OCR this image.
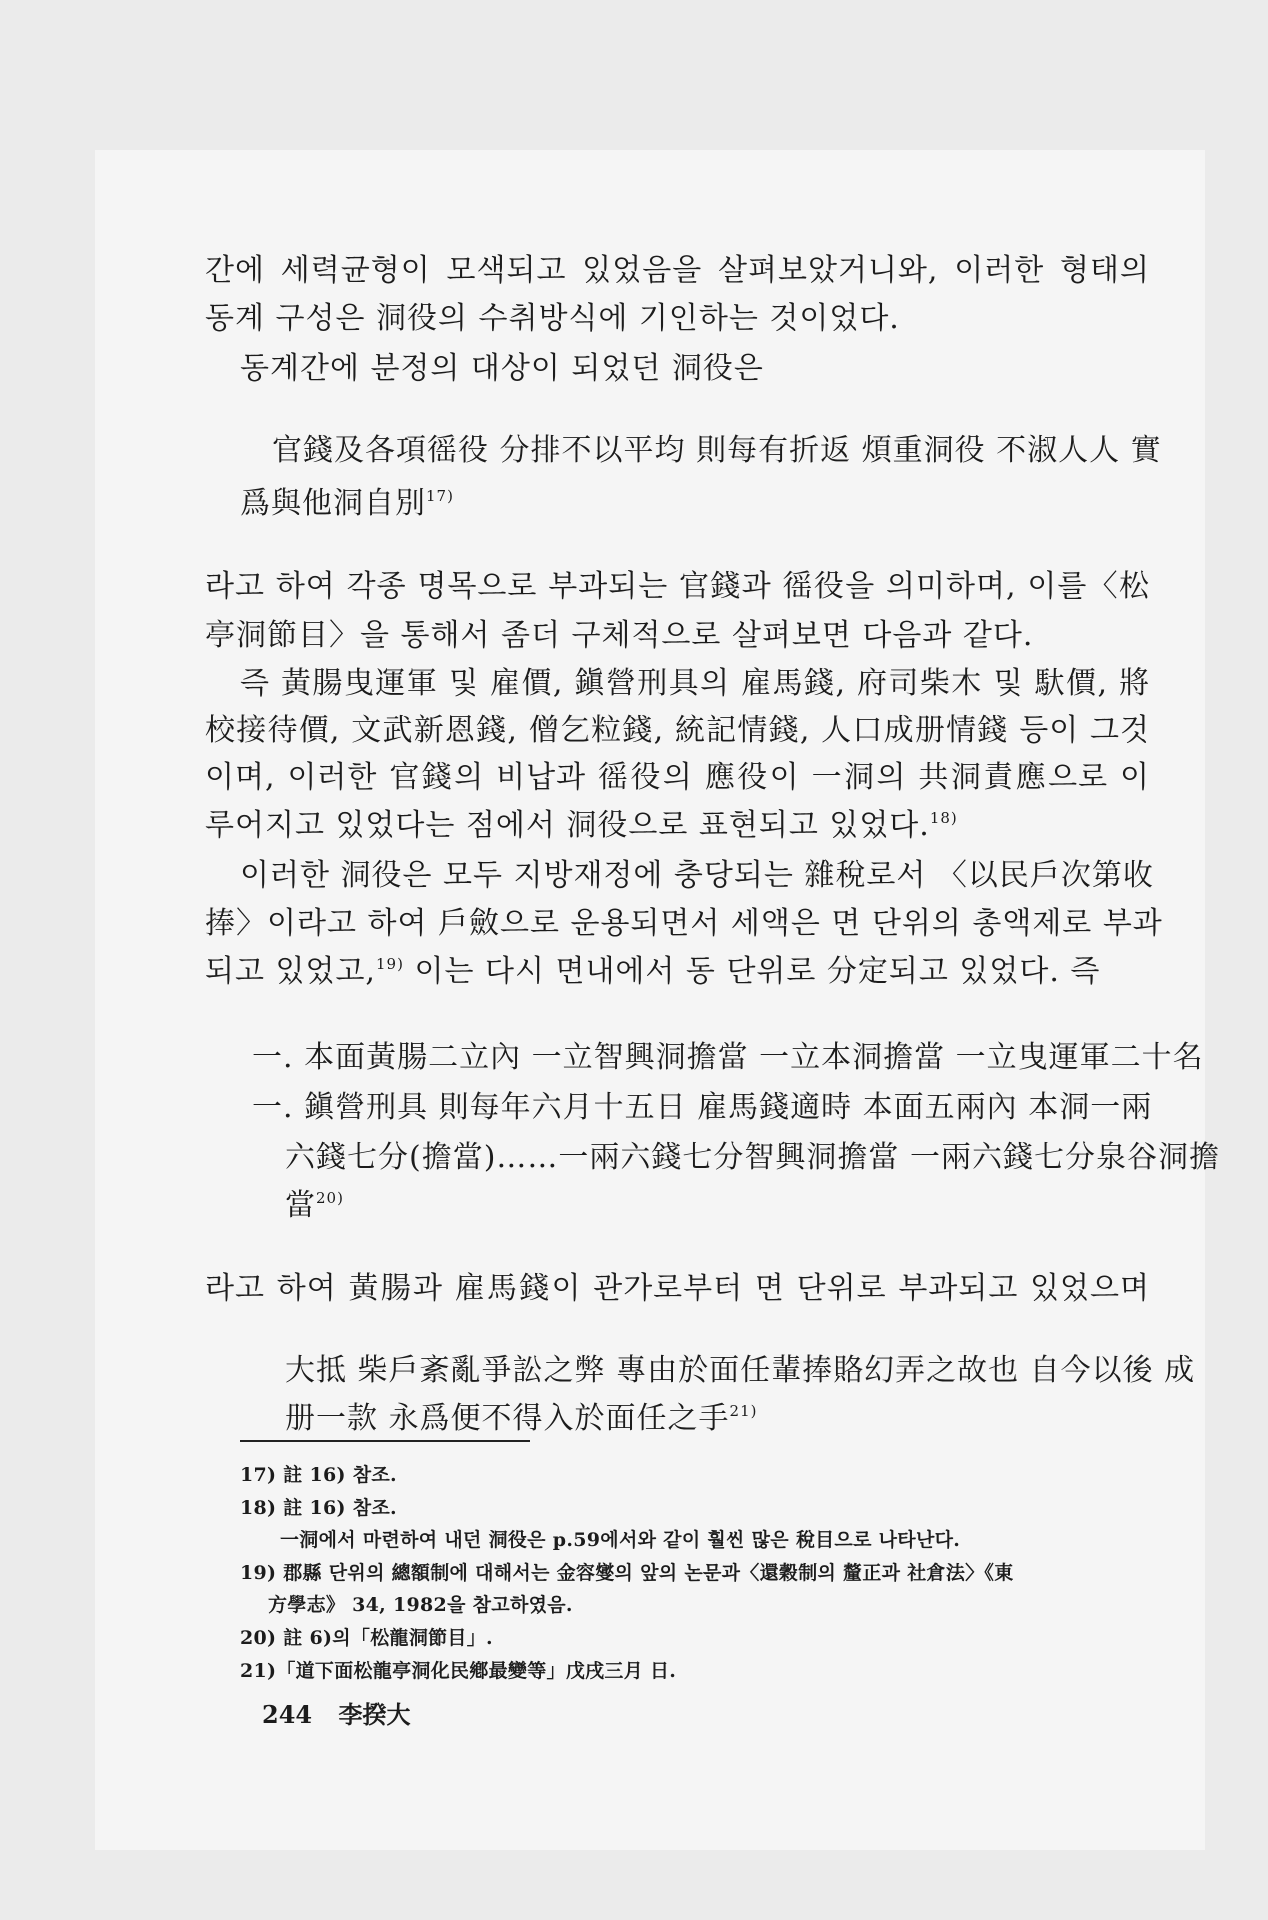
간에 세력균형이 모색되고 있었음을 살펴보았거니와, 이러한 형태의
동계 구성은 洞役의 수취방식에 기인하는 것이었다.
동계간에 분정의 대상이 되었던 洞役은
官錢及各項徭役 分排不以平均 則每有折返 煩重洞役 不淑人人 實
爲與他洞自別$^{17)}$
라고 하여 각종 명목으로 부과되는 官錢과 徭役을 의미하며, 이를〈松
亭洞節目〉을 통해서 좀더 구체적으로 살펴보면 다음과 같다.
즉 黃腸曳運軍 및 雇價, 鎭營刑具의 雇馬錢, 府司柴木 및 馱價, 將
校接待價, 文武新恩錢, 僧乞粒錢, 統記情錢, 人口成册情錢 등이 그것
이며, 이러한 官錢의 비납과 徭役의 應役이 一洞의 共洞責應으로 이
루어지고 있었다는 점에서 洞役으로 표현되고 있었다.$^{18)}$
이러한 洞役은 모두 지방재정에 충당되는 雜稅로서 〈以民戶次第收
捧〉이라고 하여 戶斂으로 운용되면서 세액은 면 단위의 총액제로 부과
되고 있었고,$^{19)}$ 이는 다시 면내에서 동 단위로 分定되고 있었다. 즉
一. 本面黃腸二立內 一立智興洞擔當 一立本洞擔當 一立曳運軍二十名
一. 鎭營刑具 則每年六月十五日 雇馬錢適時 本面五兩內 本洞一兩
六錢七分(擔當)……一兩六錢七分智興洞擔當 一兩六錢七分泉谷洞擔
當$^{20)}$
라고 하여 黃腸과 雇馬錢이 관가로부터 면 단위로 부과되고 있었으며
大抵 柴戶紊亂爭訟之弊 專由於面任輩捧賂幻弄之故也 自今以後 成
册一款 永爲便不得入於面任之手$^{21)}$
17) 註 16) 참조.
18) 註 16) 참조.
一洞에서 마련하여 내던 洞役은 p.59에서와 같이 훨씬 많은 稅目으로 나타난다.
19) 郡縣 단위의 總額制에 대해서는 金容燮의 앞의 논문과〈還穀制의 釐正과 社倉法〉《東
方學志》 34, 1982을 참고하였음.
20) 註 6)의「松龍洞節目」.
21)「道下面松龍亭洞化民鄕最變等」戊戌三月 日.
244 李揆大
